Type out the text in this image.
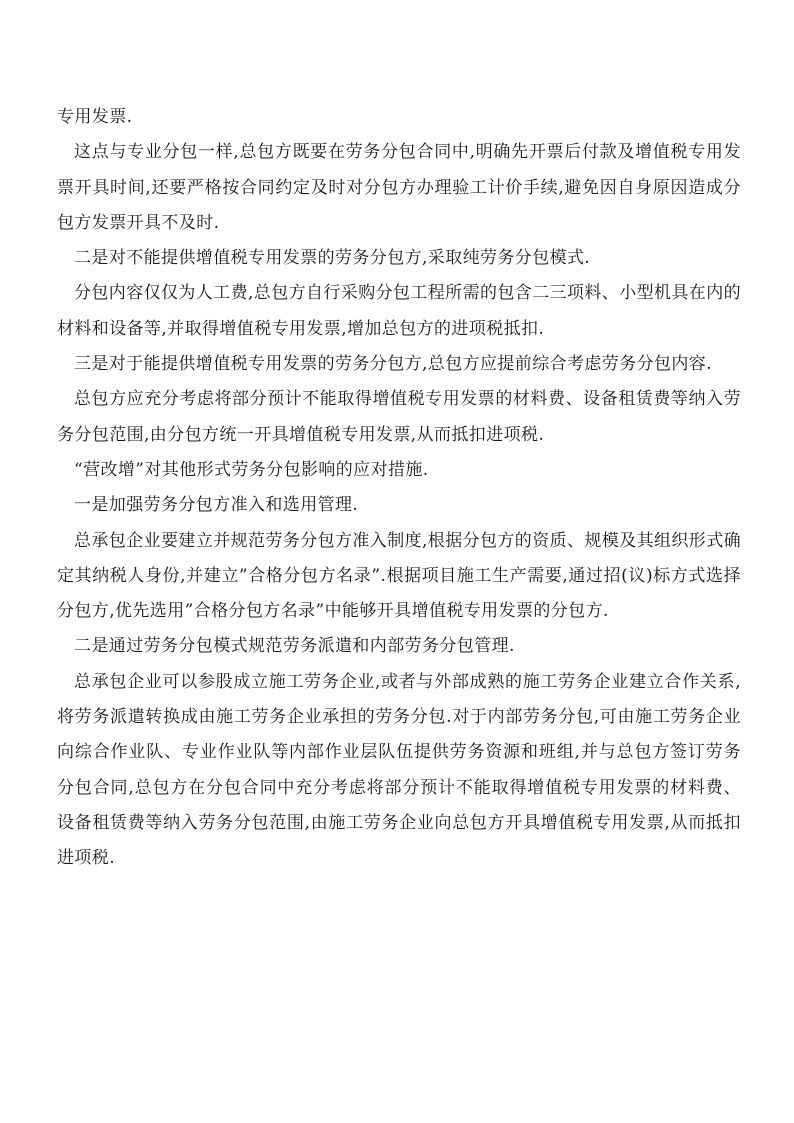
专用发票.

这点与专业分包一样,总包方既要在劳务分包合同中,明确先开票后付款及增值税专用发票开具时间,还要严格按合同约定及时对分包方办理验工计价手续,避免因自身原因造成分包方发票开具不及时.

二是对不能提供增值税专用发票的劳务分包方,采取纯劳务分包模式.

分包内容仅仅为人工费,总包方自行采购分包工程所需的包含二三项料、小型机具在内的材料和设备等,并取得增值税专用发票,增加总包方的进项税抵扣.

三是对于能提供增值税专用发票的劳务分包方,总包方应提前综合考虑劳务分包内容.

总包方应充分考虑将部分预计不能取得增值税专用发票的材料费、设备租赁费等纳入劳务分包范围,由分包方统一开具增值税专用发票,从而抵扣进项税.

“营改增”对其他形式劳务分包影响的应对措施.

一是加强劳务分包方准入和选用管理.

总承包企业要建立并规范劳务分包方准入制度,根据分包方的资质、规模及其组织形式确定其纳税人身份,并建立”合格分包方名录”.根据项目施工生产需要,通过招(议)标方式选择分包方,优先选用”合格分包方名录”中能够开具增值税专用发票的分包方.

二是通过劳务分包模式规范劳务派遣和内部劳务分包管理.

总承包企业可以参股成立施工劳务企业,或者与外部成熟的施工劳务企业建立合作关系,将劳务派遣转换成由施工劳务企业承担的劳务分包.对于内部劳务分包,可由施工劳务企业向综合作业队、专业作业队等内部作业层队伍提供劳务资源和班组,并与总包方签订劳务分包合同,总包方在分包合同中充分考虑将部分预计不能取得增值税专用发票的材料费、设备租赁费等纳入劳务分包范围,由施工劳务企业向总包方开具增值税专用发票,从而抵扣进项税.
